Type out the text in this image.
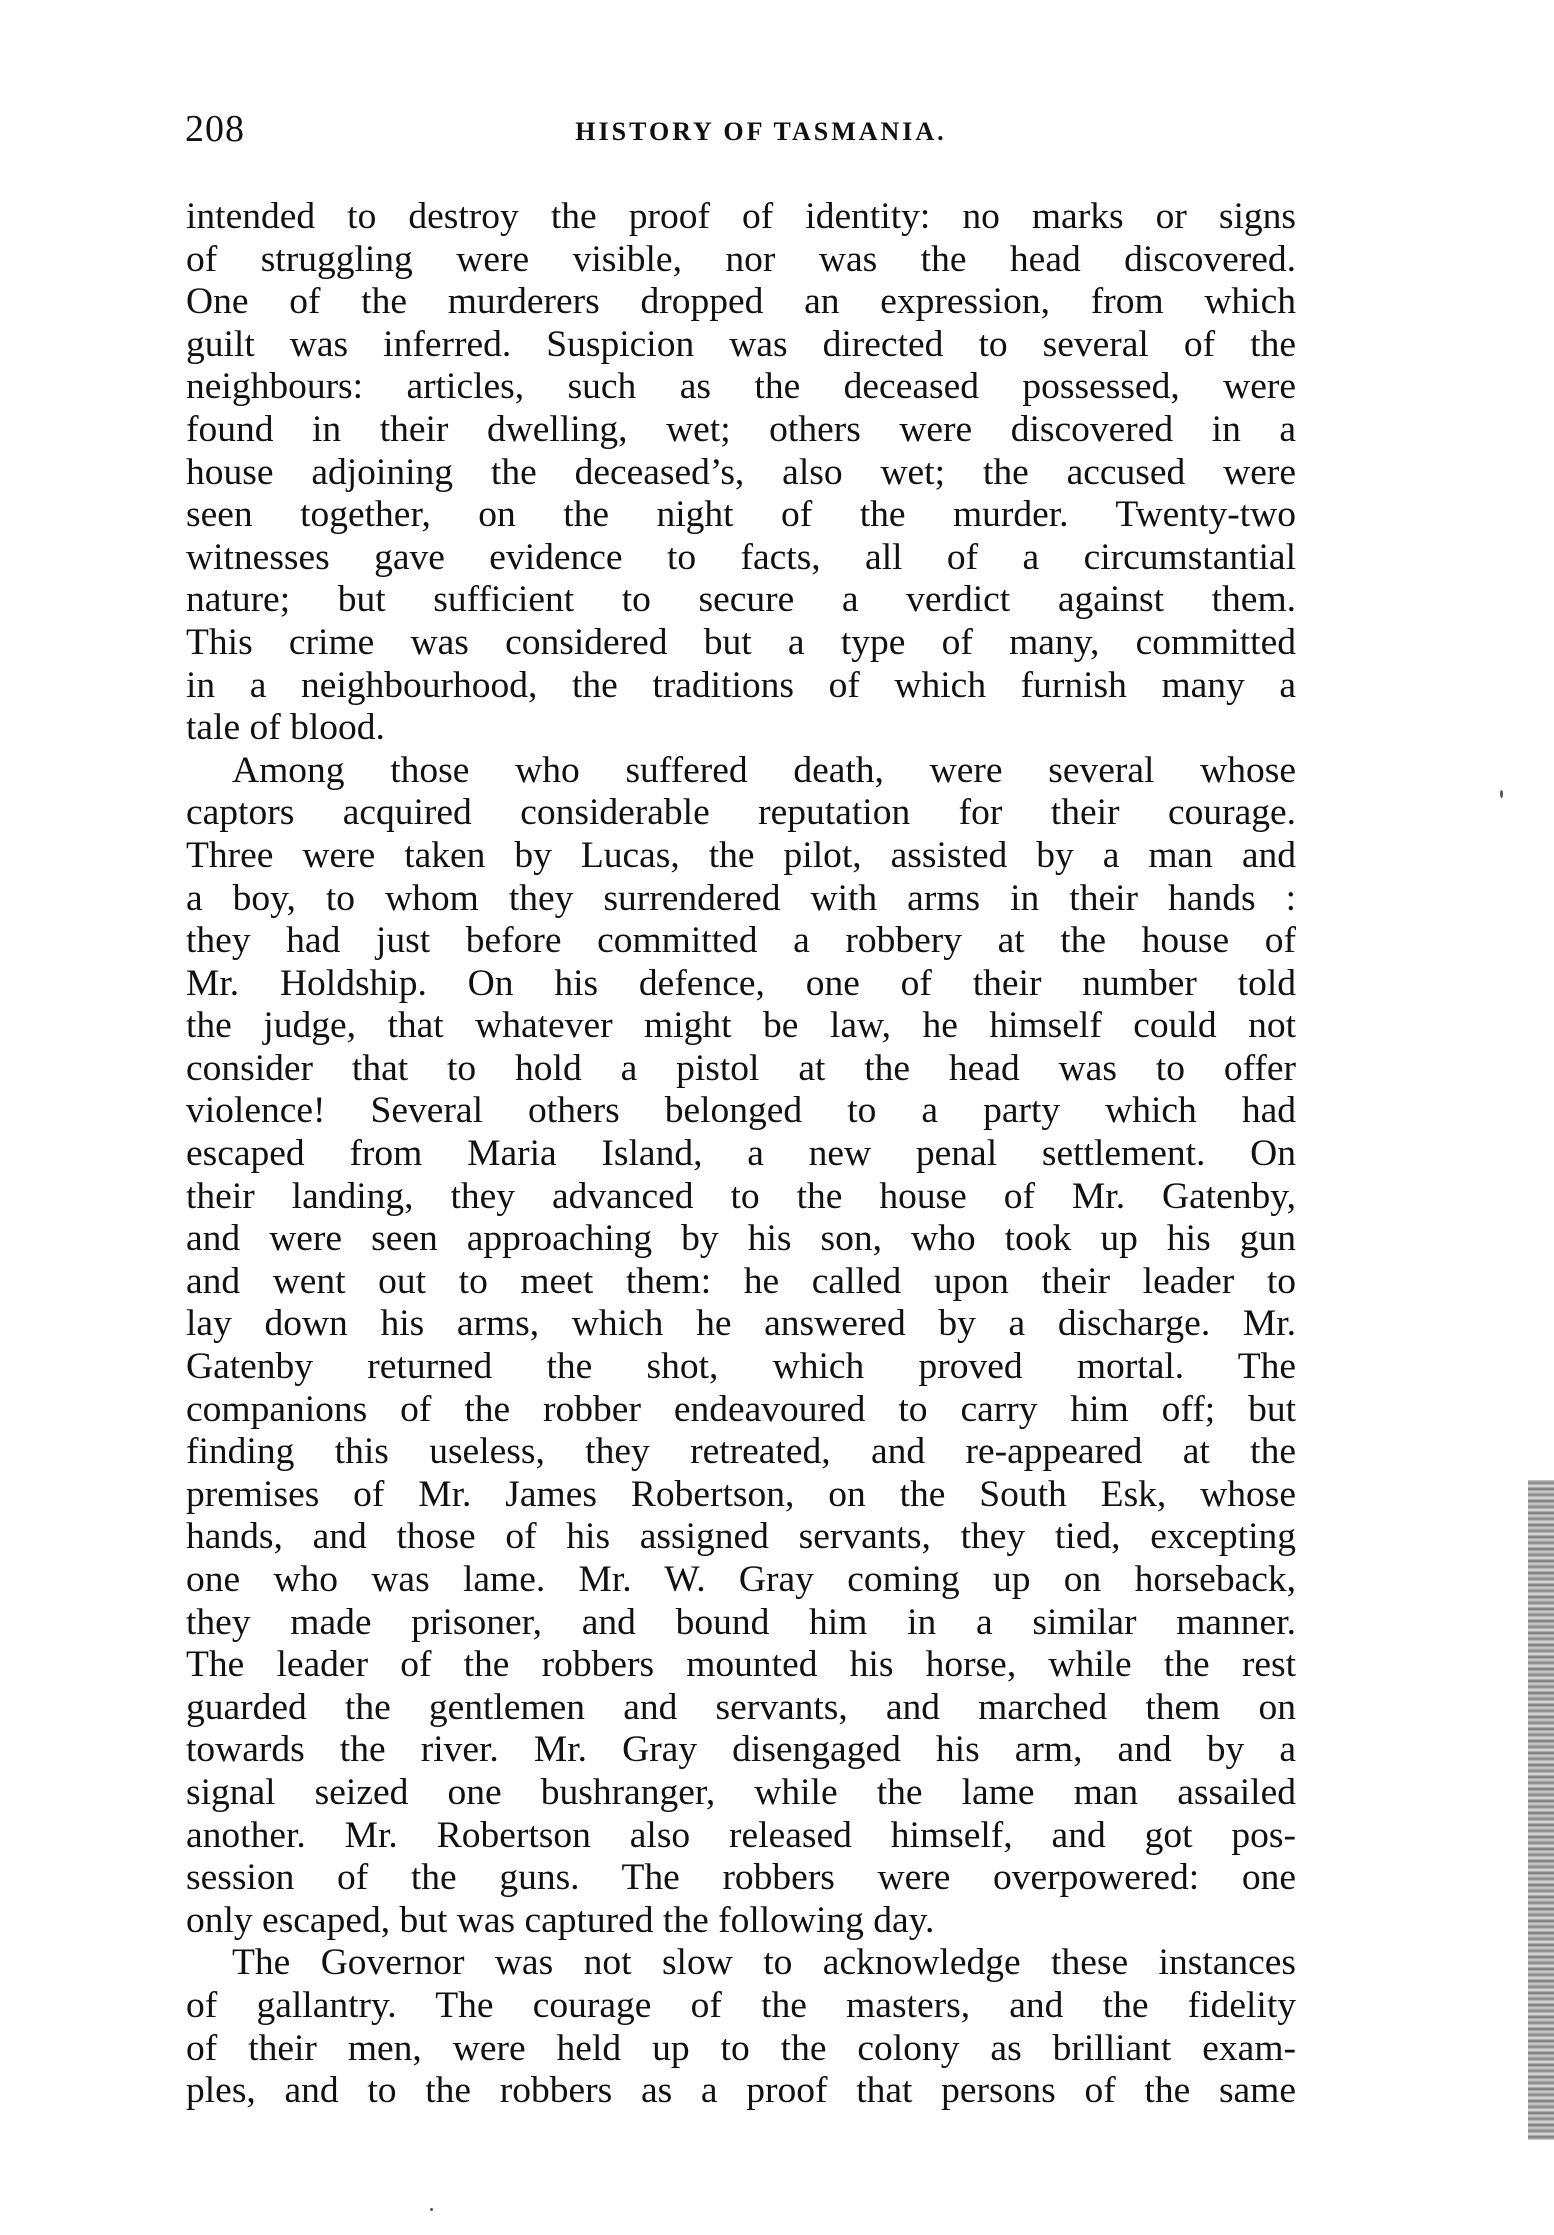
208	HISTORY OF TASMANIA.
intended to destroy the proof of identity: no marks or signs
of struggling were visible, nor was the head discovered.
One of the murderers dropped an expression, from which
guilt was inferred. Suspicion was directed to several of the
neighbours: articles, such as the deceased possessed, were
found in their dwelling, wet; others were discovered in a
house adjoining the deceased’s, also wet; the accused were
seen together, on the night of the murder. Twenty-two
witnesses gave evidence to facts, all of a circumstantial
nature; but sufficient to secure a verdict against them.
This crime was considered but a type of many, committed
in a neighbourhood, the traditions of which furnish many a
tale of blood.
Among those who suffered death, were several whose
captors acquired considerable reputation for their courage.
Three were taken by Lucas, the pilot, assisted by a man and
a boy, to whom they surrendered with arms in their hands :
they had just before committed a robbery at the house of
Mr. Holdship. On his defence, one of their number told
the judge, that whatever might be law, he himself could not
consider that to hold a pistol at the head was to offer
violence! Several others belonged to a party which had
escaped from Maria Island, a new penal settlement. On
their landing, they advanced to the house of Mr. Gatenby,
and were seen approaching by his son, who took up his gun
and went out to meet them: he called upon their leader to
lay down his arms, which he answered by a discharge. Mr.
Gatenby returned the shot, which proved mortal. The
companions of the robber endeavoured to carry him off; but
finding this useless, they retreated, and re-appeared at the
premises of Mr. James Robertson, on the South Esk, whose
hands, and those of his assigned servants, they tied, excepting
one who was lame. Mr. W. Gray coming up on horseback,
they made prisoner, and bound him in a similar manner.
The leader of the robbers mounted his horse, while the rest
guarded the gentlemen and servants, and marched them on
towards the river. Mr. Gray disengaged his arm, and by a
signal seized one bushranger, while the lame man assailed
another. Mr. Robertson also released himself, and got pos-
session of the guns. The robbers were overpowered: one
only escaped, but was captured the following day.
The Governor was not slow to acknowledge these instances
of gallantry. The courage of the masters, and the fidelity
of their men, were held up to the colony as brilliant exam-
ples, and to the robbers as a proof that persons of the same
